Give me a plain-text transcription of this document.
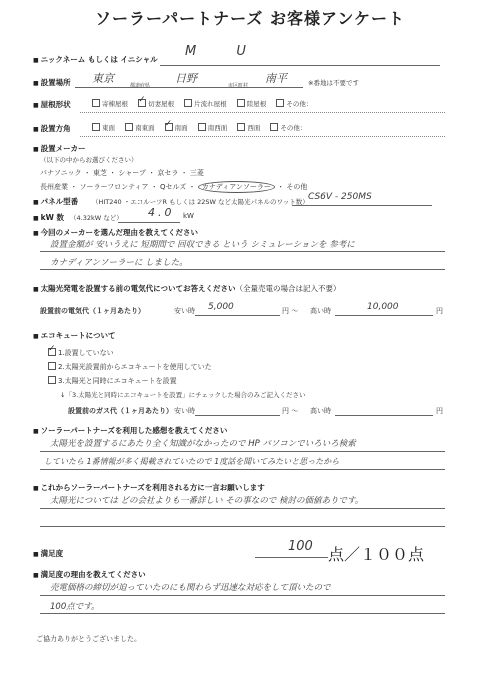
ソーラーパートナーズ お客様アンケート
■ ニックネーム もしくは イニシャル
M U
■ 設置場所 東京
都道府県
日野
市区町村
南平	※番地は不要です
■ 屋根形状	寄棟屋根 ✓	切妻屋根	片流れ屋根	陸屋根	その他：
■ 設置方角	東面	南東面 ✓	南面	南西面	西面	その他：
■ 設置メーカー
（以下の中からお選びください）
パナソニック ・ 東芝 ・ シャープ ・ 京セラ ・ 三菱
長州産業 ・ ソーラーフロンティア ・ Qセルズ ・ カナディアンソーラー ・ その他
■ パネル型番 （HIT240 ・エコルーツR もしくは 22SW など太陽光パネルのワット数） CS6V - 250MS
■ kW 数 （4.32kW など） 4.0 kW
■ 今回のメーカーを選んだ理由を教えてください
設置金額が 安いうえに 短期間で 回収できる という シミュレーションを 参考に
カナディアンソーラーに しました。
■ 太陽光発電を設置する前の電気代についてお答えください（全量売電の場合は記入不要）
設置前の電気代（１ヶ月あたり）	安い時 5,000	円 〜 高い時	10,000	円
■ エコキュートについて
✓1.設置していない
2.太陽光設置前からエコキュートを使用していた
3.太陽光と同時にエコキュートを設置
↓「3.太陽光と同時にエコキュートを設置」にチェックした場合のみご記入ください
設置前のガス代（１ヶ月あたり） 安い時	円 〜 高い時	円
■ ソーラーパートナーズを利用した感想を教えてください
太陽光を設置するにあたり全く知識がなかったので HP パソコンでいろいろ検索
していたら 1番情報が多く掲載されていたので 1度話を聞いてみたいと思ったから
■ これからソーラーパートナーズを利用される方に一言お願いします
太陽光については どの会社よりも一番詳しい その事なので 検討の価値ありです。
■ 満足度	100 点／１００点
■ 満足度の理由を教えてください
売電価格の締切が迫っていたのにも関わらず迅速な対応をして頂いたので
100点です。
ご協力ありがとうございました。
